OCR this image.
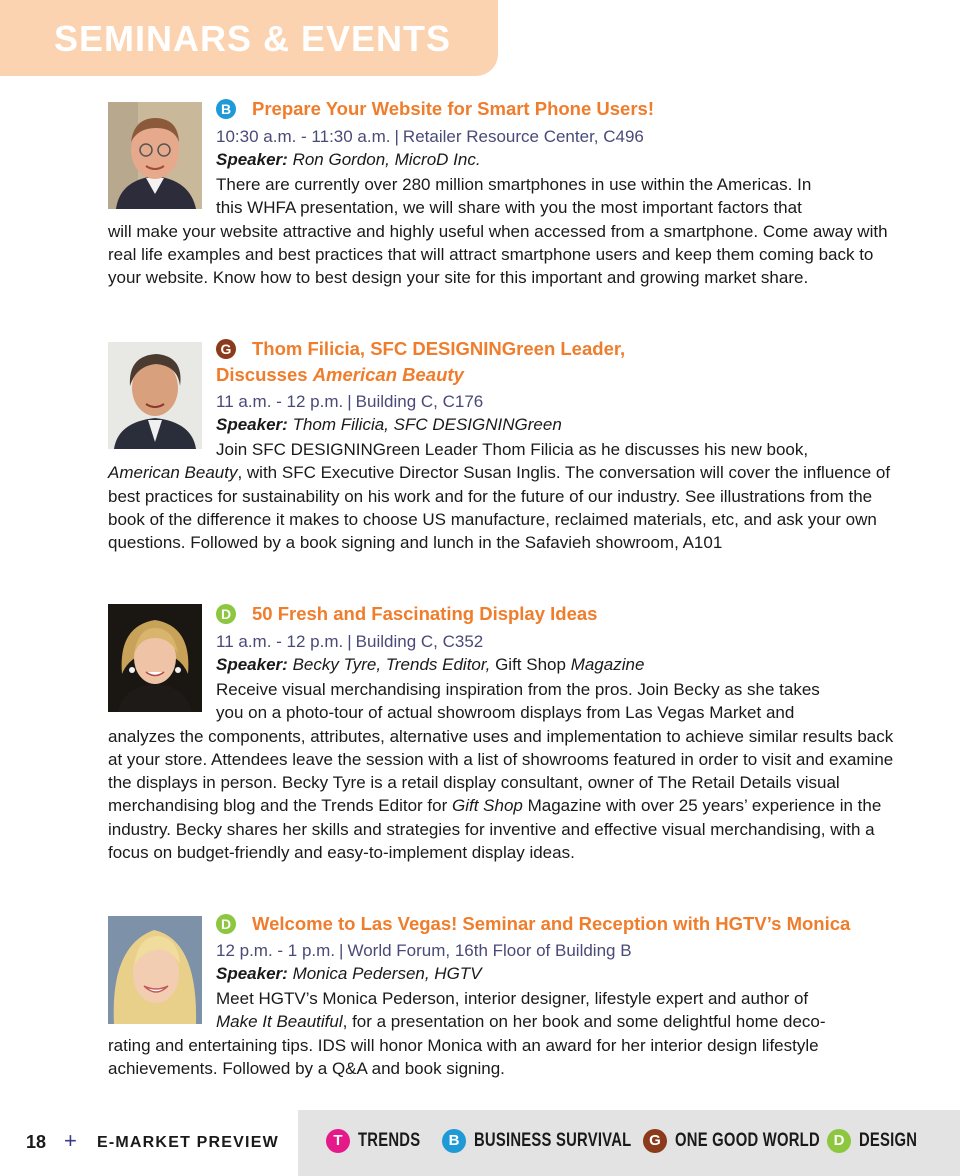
SEMINARS & EVENTS
B Prepare Your Website for Smart Phone Users!
10:30 a.m. - 11:30 a.m. | Retailer Resource Center, C496
Speaker: Ron Gordon, MicroD Inc.
There are currently over 280 million smartphones in use within the Americas. In
this WHFA presentation, we will share with you the most important factors that
will make your website attractive and highly useful when accessed from a smartphone. Come away with real life examples and best practices that will attract smartphone users and keep them coming back to your website. Know how to best design your site for this important and growing market share.
G Thom Filicia, SFC DESIGNINGreen Leader,
Discusses American Beauty
11 a.m. - 12 p.m. | Building C, C176
Speaker: Thom Filicia, SFC DESIGNINGreen
Join SFC DESIGNINGreen Leader Thom Filicia as he discusses his new book,
American Beauty, with SFC Executive Director Susan Inglis. The conversation will cover the influence of best practices for sustainability on his work and for the future of our industry. See illustrations from the book of the difference it makes to choose US manufacture, reclaimed materials, etc, and ask your own questions. Followed by a book signing and lunch in the Safavieh showroom, A101
D 50 Fresh and Fascinating Display Ideas
11 a.m. - 12 p.m. | Building C, C352
Speaker: Becky Tyre, Trends Editor, Gift Shop Magazine
Receive visual merchandising inspiration from the pros. Join Becky as she takes
you on a photo-tour of actual showroom displays from Las Vegas Market and
analyzes the components, attributes, alternative uses and implementation to achieve similar results back at your store. Attendees leave the session with a list of showrooms featured in order to visit and examine the displays in person. Becky Tyre is a retail display consultant, owner of The Retail Details visual merchandising blog and the Trends Editor for Gift Shop Magazine with over 25 years’ experience in the industry. Becky shares her skills and strategies for inventive and effective visual merchandising, with a focus on budget-friendly and easy-to-implement display ideas.
D Welcome to Las Vegas! Seminar and Reception with HGTV’s Monica
12 p.m. - 1 p.m. | World Forum, 16th Floor of Building B
Speaker: Monica Pedersen, HGTV
Meet HGTV’s Monica Pederson, interior designer, lifestyle expert and author of
Make It Beautiful, for a presentation on her book and some delightful home deco-
rating and entertaining tips. IDS will honor Monica with an award for her interior design lifestyle achievements. Followed by a Q&A and book signing.
18 + E-MARKET PREVIEW	T TRENDS	B BUSINESS SURVIVAL	G ONE GOOD WORLD D DESIGN
